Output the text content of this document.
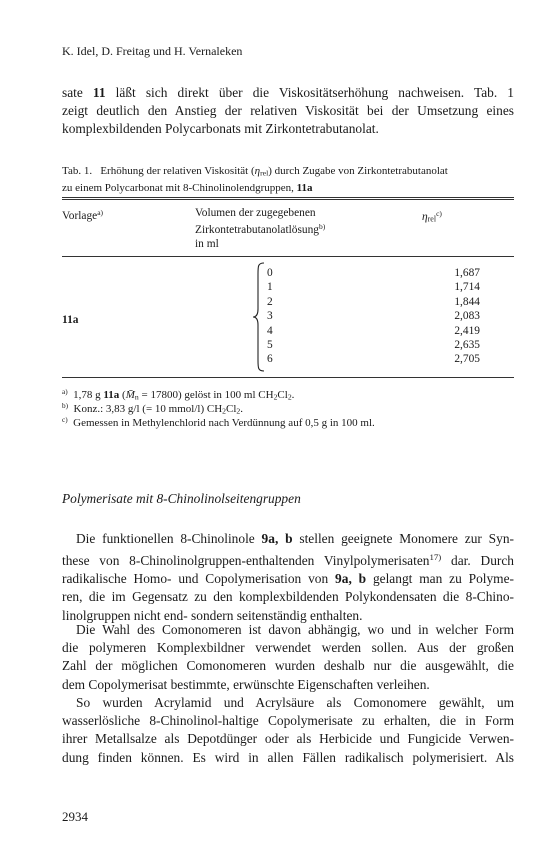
K. Idel, D. Freitag und H. Vernaleken
sate 11 läßt sich direkt über die Viskositätserhöhung nachweisen. Tab. 1
zeigt deutlich den Anstieg der relativen Viskosität bei der Umsetzung eines
komplexbildenden Polycarbonats mit Zirkontetrabutanolat.
Tab. 1.   Erhöhung der relativen Viskosität $(\eta_{rel})$ durch Zugabe von Zirkontetrabutanolat
zu einem Polycarbonat mit 8-Chinolinolendgruppen, 11a
Vorlage$^{a)}$	Volumen der zugegebenen
Zirkontetrabutanolatlösung$^{b)}$
in ml
$\eta_{rel}^{c)}$
11a
0
1
2
3
4
5
6
1,687
1,714
1,844
2,083
2,419
2,635
2,705
$^{a)}$  1,78 g 11a $(M̄_n = 17800)$ gelöst in 100 ml $CH_2Cl_2$.
$^{b)}$  Konz.: 3,83 g/l (= 10 mmol/l) $CH_2Cl_2$.
$^{c)}$ Gemessen in Methylenchlorid nach Verdünnung auf 0,5 g in 100 ml.
Polymerisate mit 8-Chinolinolseitengruppen
Die funktionellen 8-Chinolinole 9a, b stellen geeignete Monomere zur Syn-
these von 8-Chinolinolgruppen-enthaltenden Vinylpolymerisaten$^{17)}$ dar. Durch
radikalische Homo- und Copolymerisation von 9a, b gelangt man zu Polyme-
ren, die im Gegensatz zu den komplexbildenden Polykondensaten die 8-Chino-
linolgruppen nicht end- sondern seitenständig enthalten.
Die Wahl des Comonomeren ist davon abhängig, wo und in welcher Form
die polymeren Komplexbildner verwendet werden sollen. Aus der großen
Zahl der möglichen Comonomeren wurden deshalb nur die ausgewählt, die
dem Copolymerisat bestimmte, erwünschte Eigenschaften verleihen.
So wurden Acrylamid und Acrylsäure als Comonomere gewählt, um
wasserlösliche 8-Chinolinol-haltige Copolymerisate zu erhalten, die in Form
ihrer Metallsalze als Depotdünger oder als Herbicide und Fungicide Verwen-
dung finden können. Es wird in allen Fällen radikalisch polymerisiert. Als
2934
